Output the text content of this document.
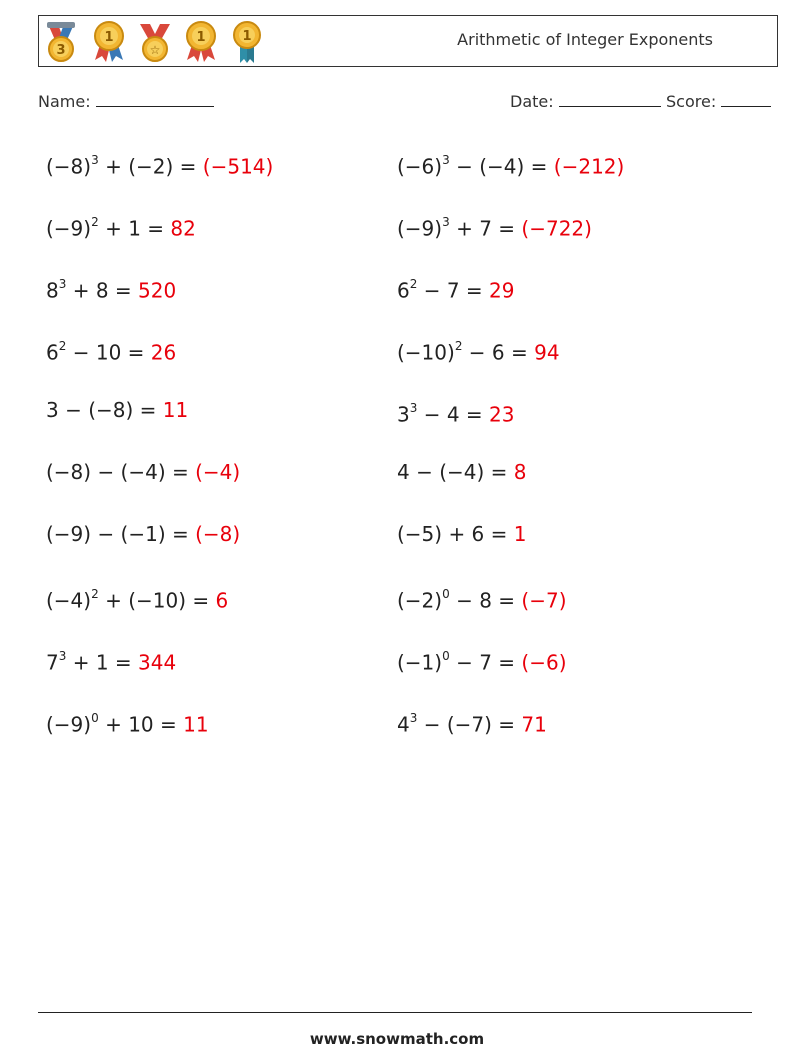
3
1
☆
1	1	Arithmetic of Integer Exponents
Name:	Date:	Score:
$(-8)^3 + (-2) = (-514)$
$(-9)^2 + 1 = 82$
$8^3 + 8 = 520$
$6^2 - 10 = 26$
3 − (−8) = 11
(−8) − (−4) = (−4)
(−9) − (−1) = (−8)
$(-4)^2 + (-10) = 6$
$7^3 + 1 = 344$
$(-9)^0 + 10 = 11$
$(-6)^3 - (-4) = (-212)$
$(-9)^3 + 7 = (-722)$
$6^2 - 7 = 29$
$(-10)^2 - 6 = 94$
$3^3 - 4 = 23$
4 − (−4) = 8
(−5) + 6 = 1
$(-2)^0 - 8 = (-7)$
$(-1)^0 - 7 = (-6)$
$4^3 - (-7) = 71$
www.snowmath.com
